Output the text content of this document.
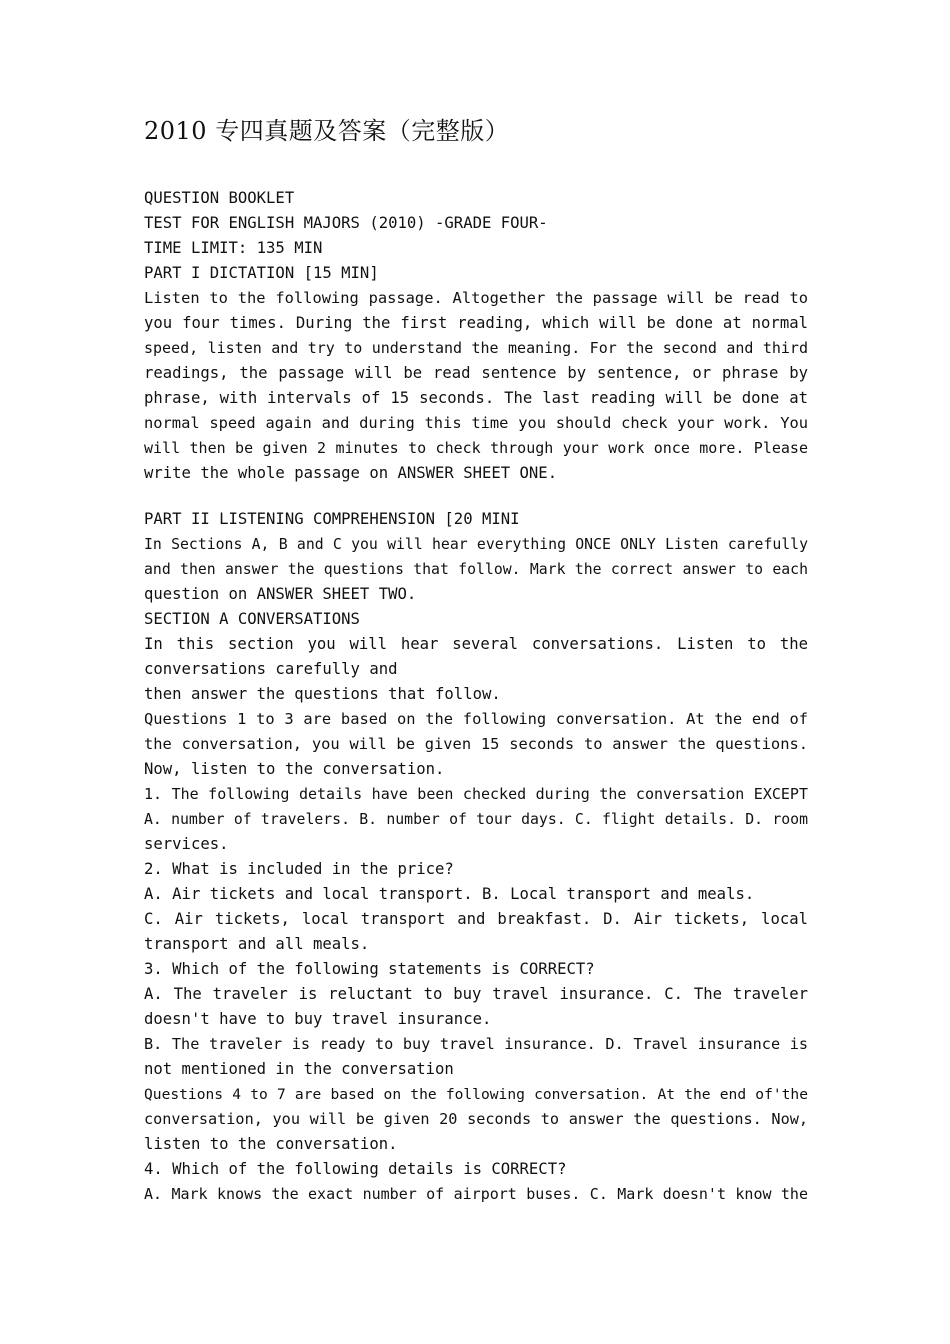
2010 专四真题及答案（完整版）
QUESTION BOOKLET
TEST FOR ENGLISH MAJORS (2010) -GRADE FOUR-
TIME LIMIT: 135 MIN
PART I DICTATION [15 MIN]
Listen to the following passage. Altogether the passage will be read to
you four times. During the first reading, which will be done at normal
speed, listen and try to understand the meaning. For the second and third
readings, the passage will be read sentence by sentence, or phrase by
phrase, with intervals of 15 seconds. The last reading will be done at
normal speed again and during this time you should check your work. You
will then be given 2 minutes to check through your work once more. Please
write the whole passage on ANSWER SHEET ONE.
PART II LISTENING COMPREHENSION [20 MINI
In Sections A, B and C you will hear everything ONCE ONLY Listen carefully
and then answer the questions that follow. Mark the correct answer to each
question on ANSWER SHEET TWO.
SECTION A CONVERSATIONS
In this section you will hear several conversations. Listen to the
conversations carefully and
then answer the questions that follow.
Questions 1 to 3 are based on the following conversation. At the end of
the conversation, you will be given 15 seconds to answer the questions.
Now, listen to the conversation.
1. The following details have been checked during the conversation EXCEPT
A. number of travelers. B. number of tour days. C. flight details. D. room
services.
2. What is included in the price?
A. Air tickets and local transport. B. Local transport and meals.
C. Air tickets, local transport and breakfast. D. Air tickets, local
transport and all meals.
3. Which of the following statements is CORRECT?
A. The traveler is reluctant to buy travel insurance. C. The traveler
doesn't have to buy travel insurance.
B. The traveler is ready to buy travel insurance. D. Travel insurance is
not mentioned in the conversation
Questions 4 to 7 are based on the following conversation. At the end of'the
conversation, you will be given 20 seconds to answer the questions. Now,
listen to the conversation.
4. Which of the following details is CORRECT?
A. Mark knows the exact number of airport buses. C. Mark doesn't know the
